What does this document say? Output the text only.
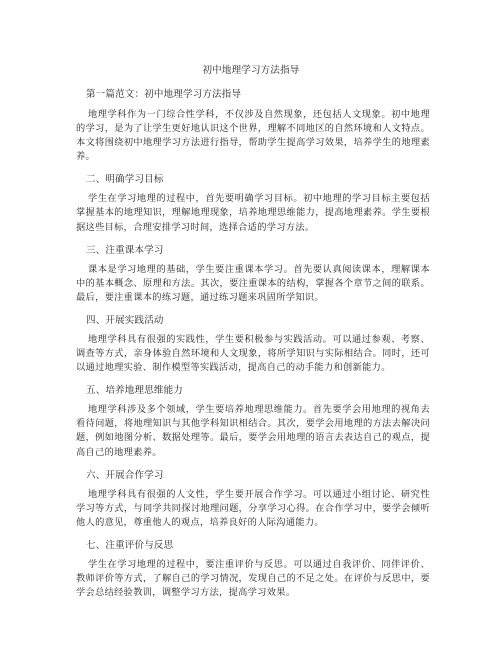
初中地理学习方法指导

第一篇范文：初中地理学习方法指导

地理学科作为一门综合性学科，不仅涉及自然现象，还包括人文现象。初中地理的学习，是为了让学生更好地认识这个世界，理解不同地区的自然环境和人文特点。本文将围绕初中地理学习方法进行指导，帮助学生提高学习效果，培养学生的地理素养。

二、明确学习目标

学生在学习地理的过程中，首先要明确学习目标。初中地理的学习目标主要包括掌握基本的地理知识，理解地理现象，培养地理思维能力，提高地理素养。学生要根据这些目标，合理安排学习时间，选择合适的学习方法。

三、注重课本学习

课本是学习地理的基础，学生要注重课本学习。首先要认真阅读课本，理解课本中的基本概念、原理和方法。其次，要注重课本的结构，掌握各个章节之间的联系。最后，要注重课本的练习题，通过练习题来巩固所学知识。

四、开展实践活动

地理学科具有很强的实践性，学生要积极参与实践活动。可以通过参观、考察、调查等方式，亲身体验自然环境和人文现象，将所学知识与实际相结合。同时，还可以通过地理实验、制作模型等实践活动，提高自己的动手能力和创新能力。

五、培养地理思维能力

地理学科涉及多个领域，学生要培养地理思维能力。首先要学会用地理的视角去看待问题，将地理知识与其他学科知识相结合。其次，要学会用地理的方法去解决问题，例如地图分析、数据处理等。最后，要学会用地理的语言去表达自己的观点，提高自己的地理素养。

六、开展合作学习

地理学科具有很强的人文性，学生要开展合作学习。可以通过小组讨论、研究性学习等方式，与同学共同探讨地理问题，分享学习心得。在合作学习中，要学会倾听他人的意见，尊重他人的观点，培养良好的人际沟通能力。

七、注重评价与反思

学生在学习地理的过程中，要注重评价与反思。可以通过自我评价、同伴评价、教师评价等方式，了解自己的学习情况，发现自己的不足之处。在评价与反思中，要学会总结经验教训，调整学习方法，提高学习效果。
